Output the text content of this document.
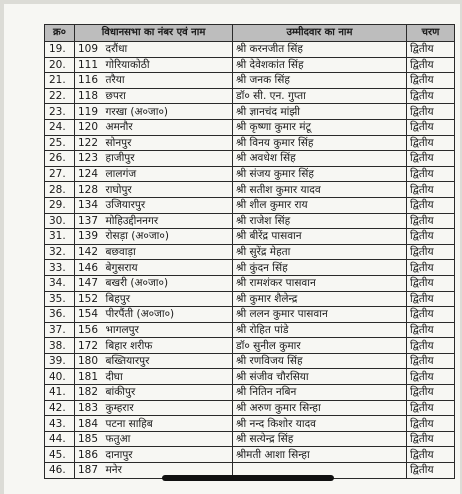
क्र०	विधानसभा का नंबर एवं नाम		उम्मीदवार का नाम	चरण
19.	109	दरौंधा	श्री करनजीत सिंह	द्वितीय
20.	111	गोरियाकोठी	श्री देवेशकांत सिंह	द्वितीय
21.	116	तरैया	श्री जनक सिंह	द्वितीय
22.	118	छपरा	डॉ० सी. एन. गुप्ता	द्वितीय
23.	119	गरखा (अ०जा०)	श्री ज्ञानचंद मांझी	द्वितीय
24.	120	अमनौर	श्री कृष्णा कुमार मंटू	द्वितीय
25.	122	सोनपुर	श्री विनय कुमार सिंह	द्वितीय
26.	123	हाजीपुर	श्री अवधेश सिंह	द्वितीय
27.	124	लालगंज	श्री संजय कुमार सिंह	द्वितीय
28.	128	राघोपुर	श्री सतीश कुमार यादव	द्वितीय
29.	134	उजियारपुर	श्री शील कुमार राय	द्वितीय
30.	137	मोहिउद्दीननगर	श्री राजेश सिंह	द्वितीय
31.	139	रोसड़ा (अ०जा०)	श्री बीरेंद्र पासवान	द्वितीय
32.	142	बछवाड़ा	श्री सुरेंद्र मेहता	द्वितीय
33.	146	बेगुसराय	श्री कुंदन सिंह	द्वितीय
34.	147	बखरी (अ०जा०)	श्री रामशंकर पासवान	द्वितीय
35.	152	बिहपुर	श्री कुमार शैलेन्द्र	द्वितीय
36.	154	पीरपैंती (अ०जा०)	श्री ललन कुमार पासवान	द्वितीय
37.	156	भागलपुर	श्री रोहित पांडे	द्वितीय
38.	172	बिहार शरीफ	डॉ० सुनील कुमार	द्वितीय
39.	180	बख्तियारपुर	श्री रणविजय सिंह	द्वितीय
40.	181	दीघा	श्री संजीव चौरसिया	द्वितीय
41.	182	बांकीपुर	श्री नितिन नबिन	द्वितीय
42.	183	कुम्हरार	श्री अरुण कुमार सिन्हा	द्वितीय
43.	184	पटना साहिब	श्री नन्द किशोर यादव	द्वितीय
44.	185	फतुआ	श्री सत्येन्द्र सिंह	द्वितीय
45.	186	दानापुर	श्रीमती आशा सिन्हा	द्वितीय
46.	187	मनेर		द्वितीय
